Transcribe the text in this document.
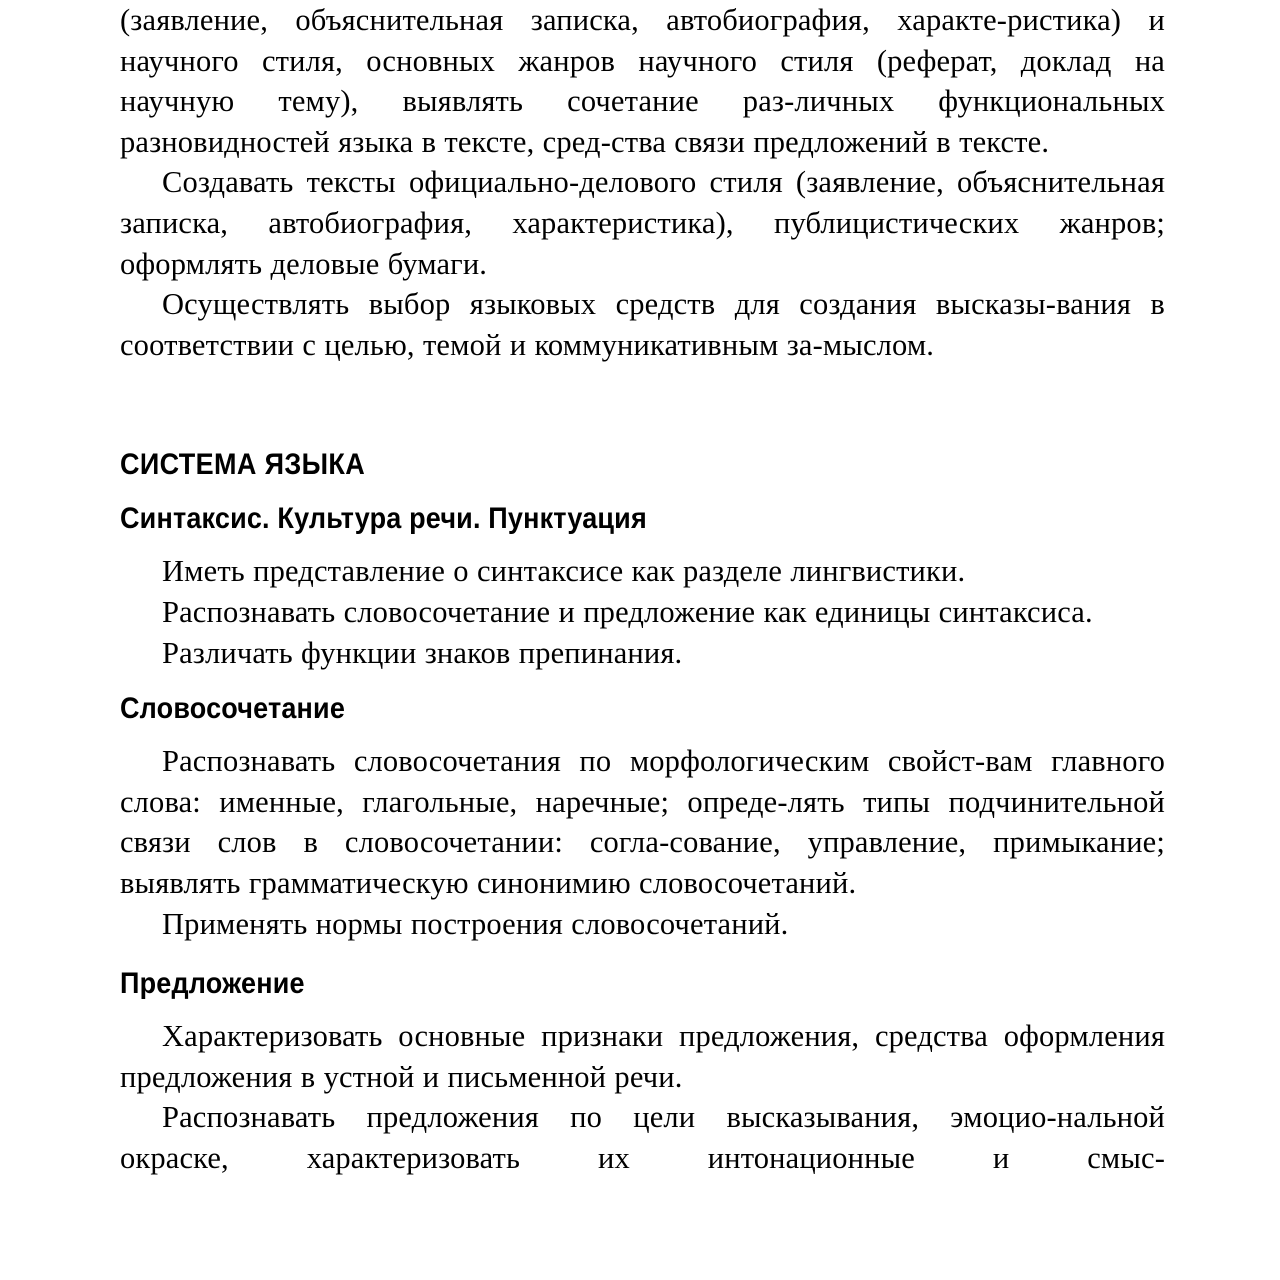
(заявление, объяснительная записка, автобиография, характе-ристика) и научного стиля, основных жанров научного стиля (реферат, доклад на научную тему), выявлять сочетание раз-личных функциональных разновидностей языка в тексте, сред-ства связи предложений в тексте.

Создавать тексты официально-делового стиля (заявление, объяснительная записка, автобиография, характеристика), публицистических жанров; оформлять деловые бумаги.

Осуществлять выбор языковых средств для создания высказы-вания в соответствии с целью, темой и коммуникативным за-мыслом.

СИСТЕМА ЯЗЫКА
Синтаксис. Культура речи. Пунктуация

Иметь представление о синтаксисе как разделе лингвистики.

Распознавать словосочетание и предложение как единицы синтаксиса.

Различать функции знаков препинания.

Словосочетание

Распознавать словосочетания по морфологическим свойст-вам главного слова: именные, глагольные, наречные; опреде-лять типы подчинительной связи слов в словосочетании: согла-сование, управление, примыкание; выявлять грамматическую синонимию словосочетаний.

Применять нормы построения словосочетаний.

Предложение

Характеризовать основные признаки предложения, средства оформления предложения в устной и письменной речи.

Распознавать предложения по цели высказывания, эмоцио-нальной окраске, характеризовать их интонационные и смыс-
